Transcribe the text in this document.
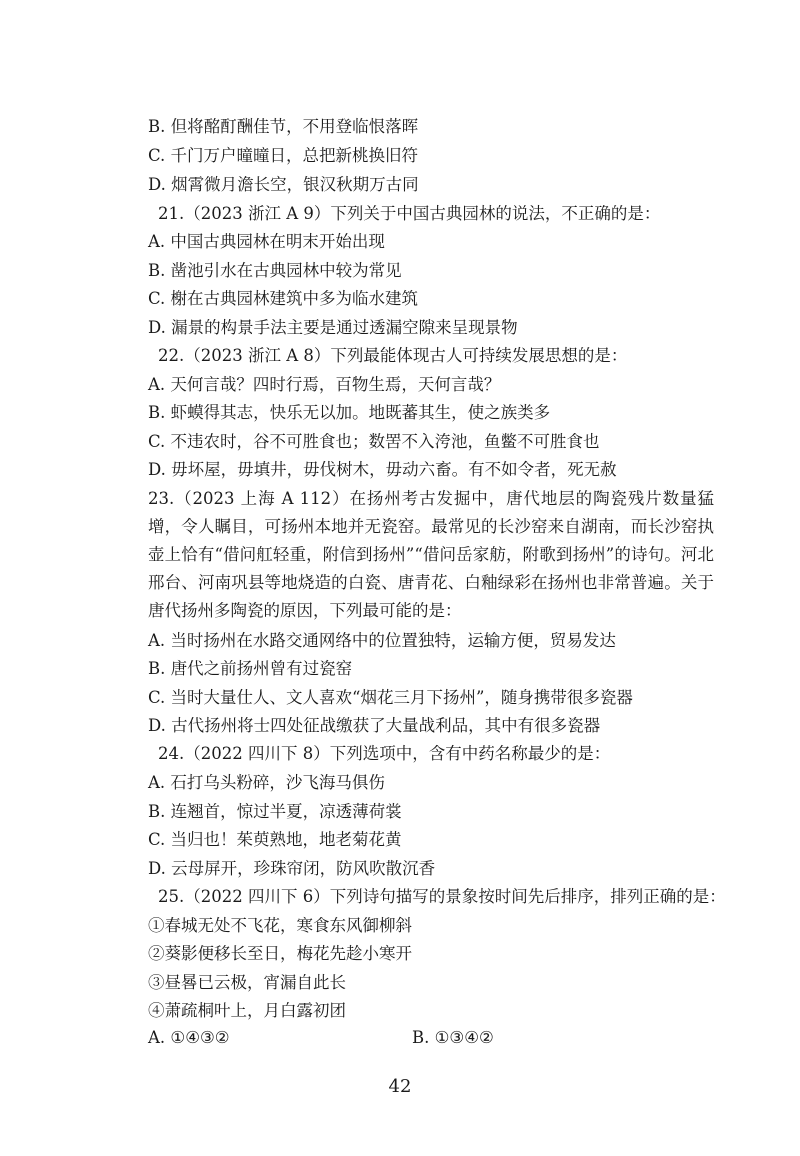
B. 但将酩酊酬佳节，不用登临恨落晖
C. 千门万户曈曈日，总把新桃换旧符
D. 烟霄微月澹长空，银汉秋期万古同
21.（2023 浙江 A 9）下列关于中国古典园林的说法，不正确的是：
A. 中国古典园林在明末开始出现
B. 凿池引水在古典园林中较为常见
C. 榭在古典园林建筑中多为临水建筑
D. 漏景的构景手法主要是通过透漏空隙来呈现景物
22.（2023 浙江 A 8）下列最能体现古人可持续发展思想的是：
A. 天何言哉？四时行焉，百物生焉，天何言哉？
B. 虾蟆得其志，快乐无以加。地既蕃其生，使之族类多
C. 不违农时，谷不可胜食也；数罟不入洿池，鱼鳖不可胜食也
D. 毋坏屋，毋填井，毋伐树木，毋动六畜。有不如令者，死无赦
23.（2023 上海 A 112）在扬州考古发掘中，唐代地层的陶瓷残片数量猛增，令人瞩目，可扬州本地并无瓷窑。最常见的长沙窑来自湖南，而长沙窑执壶上恰有“借问舡轻重，附信到扬州”“借问岳家舫，附歌到扬州”的诗句。河北邢台、河南巩县等地烧造的白瓷、唐青花、白釉绿彩在扬州也非常普遍。关于唐代扬州多陶瓷的原因，下列最可能的是：
A. 当时扬州在水路交通网络中的位置独特，运输方便，贸易发达
B. 唐代之前扬州曾有过瓷窑
C. 当时大量仕人、文人喜欢“烟花三月下扬州”，随身携带很多瓷器
D. 古代扬州将士四处征战缴获了大量战利品，其中有很多瓷器
24.（2022 四川下 8）下列选项中，含有中药名称最少的是：
A. 石打乌头粉碎，沙飞海马俱伤
B. 连翘首，惊过半夏，凉透薄荷裳
C. 当归也！茱萸熟地，地老菊花黄
D. 云母屏开，珍珠帘闭，防风吹散沉香
25.（2022 四川下 6）下列诗句描写的景象按时间先后排序，排列正确的是：
①春城无处不飞花，寒食东风御柳斜
②葵影便移长至日，梅花先趁小寒开
③昼晷已云极，宵漏自此长
④萧疏桐叶上，月白露初团
A. ①④③②	B. ①③④②
42
